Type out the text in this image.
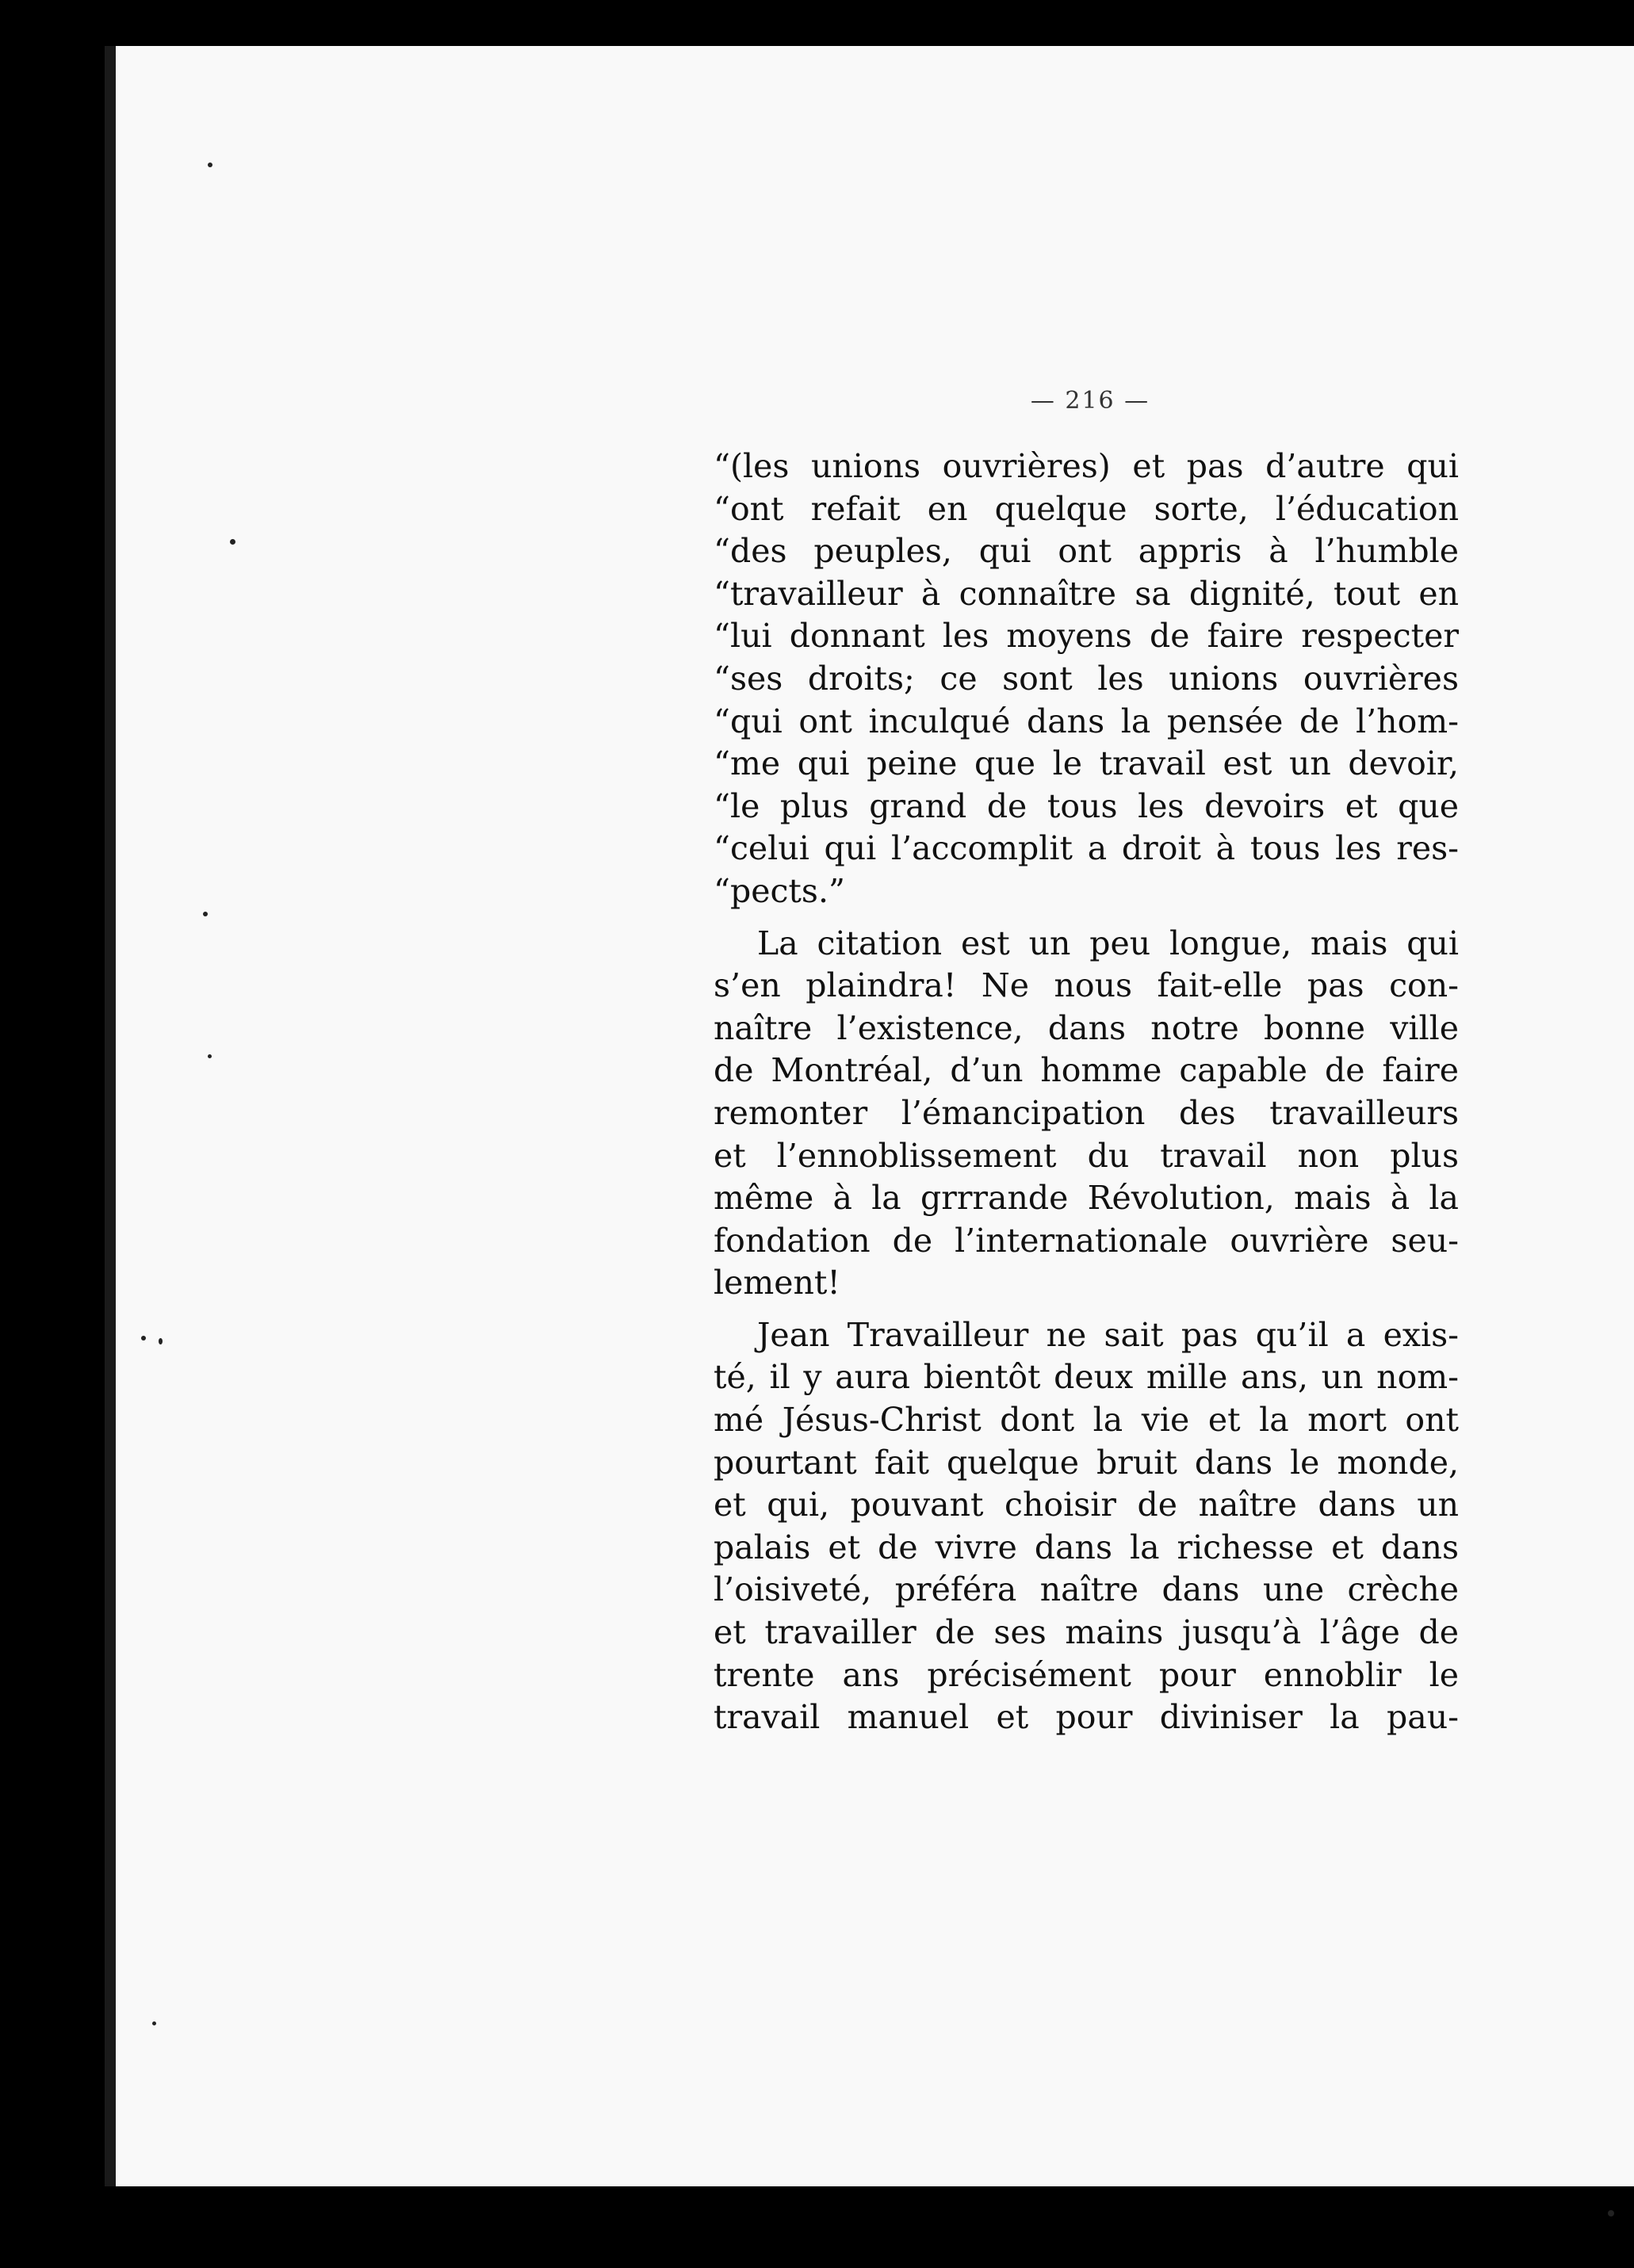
— 216 —
“(les unions ouvrières) et pas d’autre qui
“ont refait en quelque sorte, l’éducation
“des peuples, qui ont appris à l’humble
“travailleur à connaître sa dignité, tout en
“lui donnant les moyens de faire respecter
“ses droits; ce sont les unions ouvrières
“qui ont inculqué dans la pensée de l’hom-
“me qui peine que le travail est un devoir,
“le plus grand de tous les devoirs et que
“celui qui l’accomplit a droit à tous les res-
“pects.”
La citation est un peu longue, mais qui
s’en plaindra! Ne nous fait-elle pas con-
naître l’existence, dans notre bonne ville
de Montréal, d’un homme capable de faire
remonter l’émancipation des travailleurs
et l’ennoblissement du travail non plus
même à la grrrande Révolution, mais à la
fondation de l’internationale ouvrière seu-
lement!
Jean Travailleur ne sait pas qu’il a exis-
té, il y aura bientôt deux mille ans, un nom-
mé Jésus-Christ dont la vie et la mort ont
pourtant fait quelque bruit dans le monde,
et qui, pouvant choisir de naître dans un
palais et de vivre dans la richesse et dans
l’oisiveté, préféra naître dans une crèche
et travailler de ses mains jusqu’à l’âge de
trente ans précisément pour ennoblir le
travail manuel et pour diviniser la pau-
